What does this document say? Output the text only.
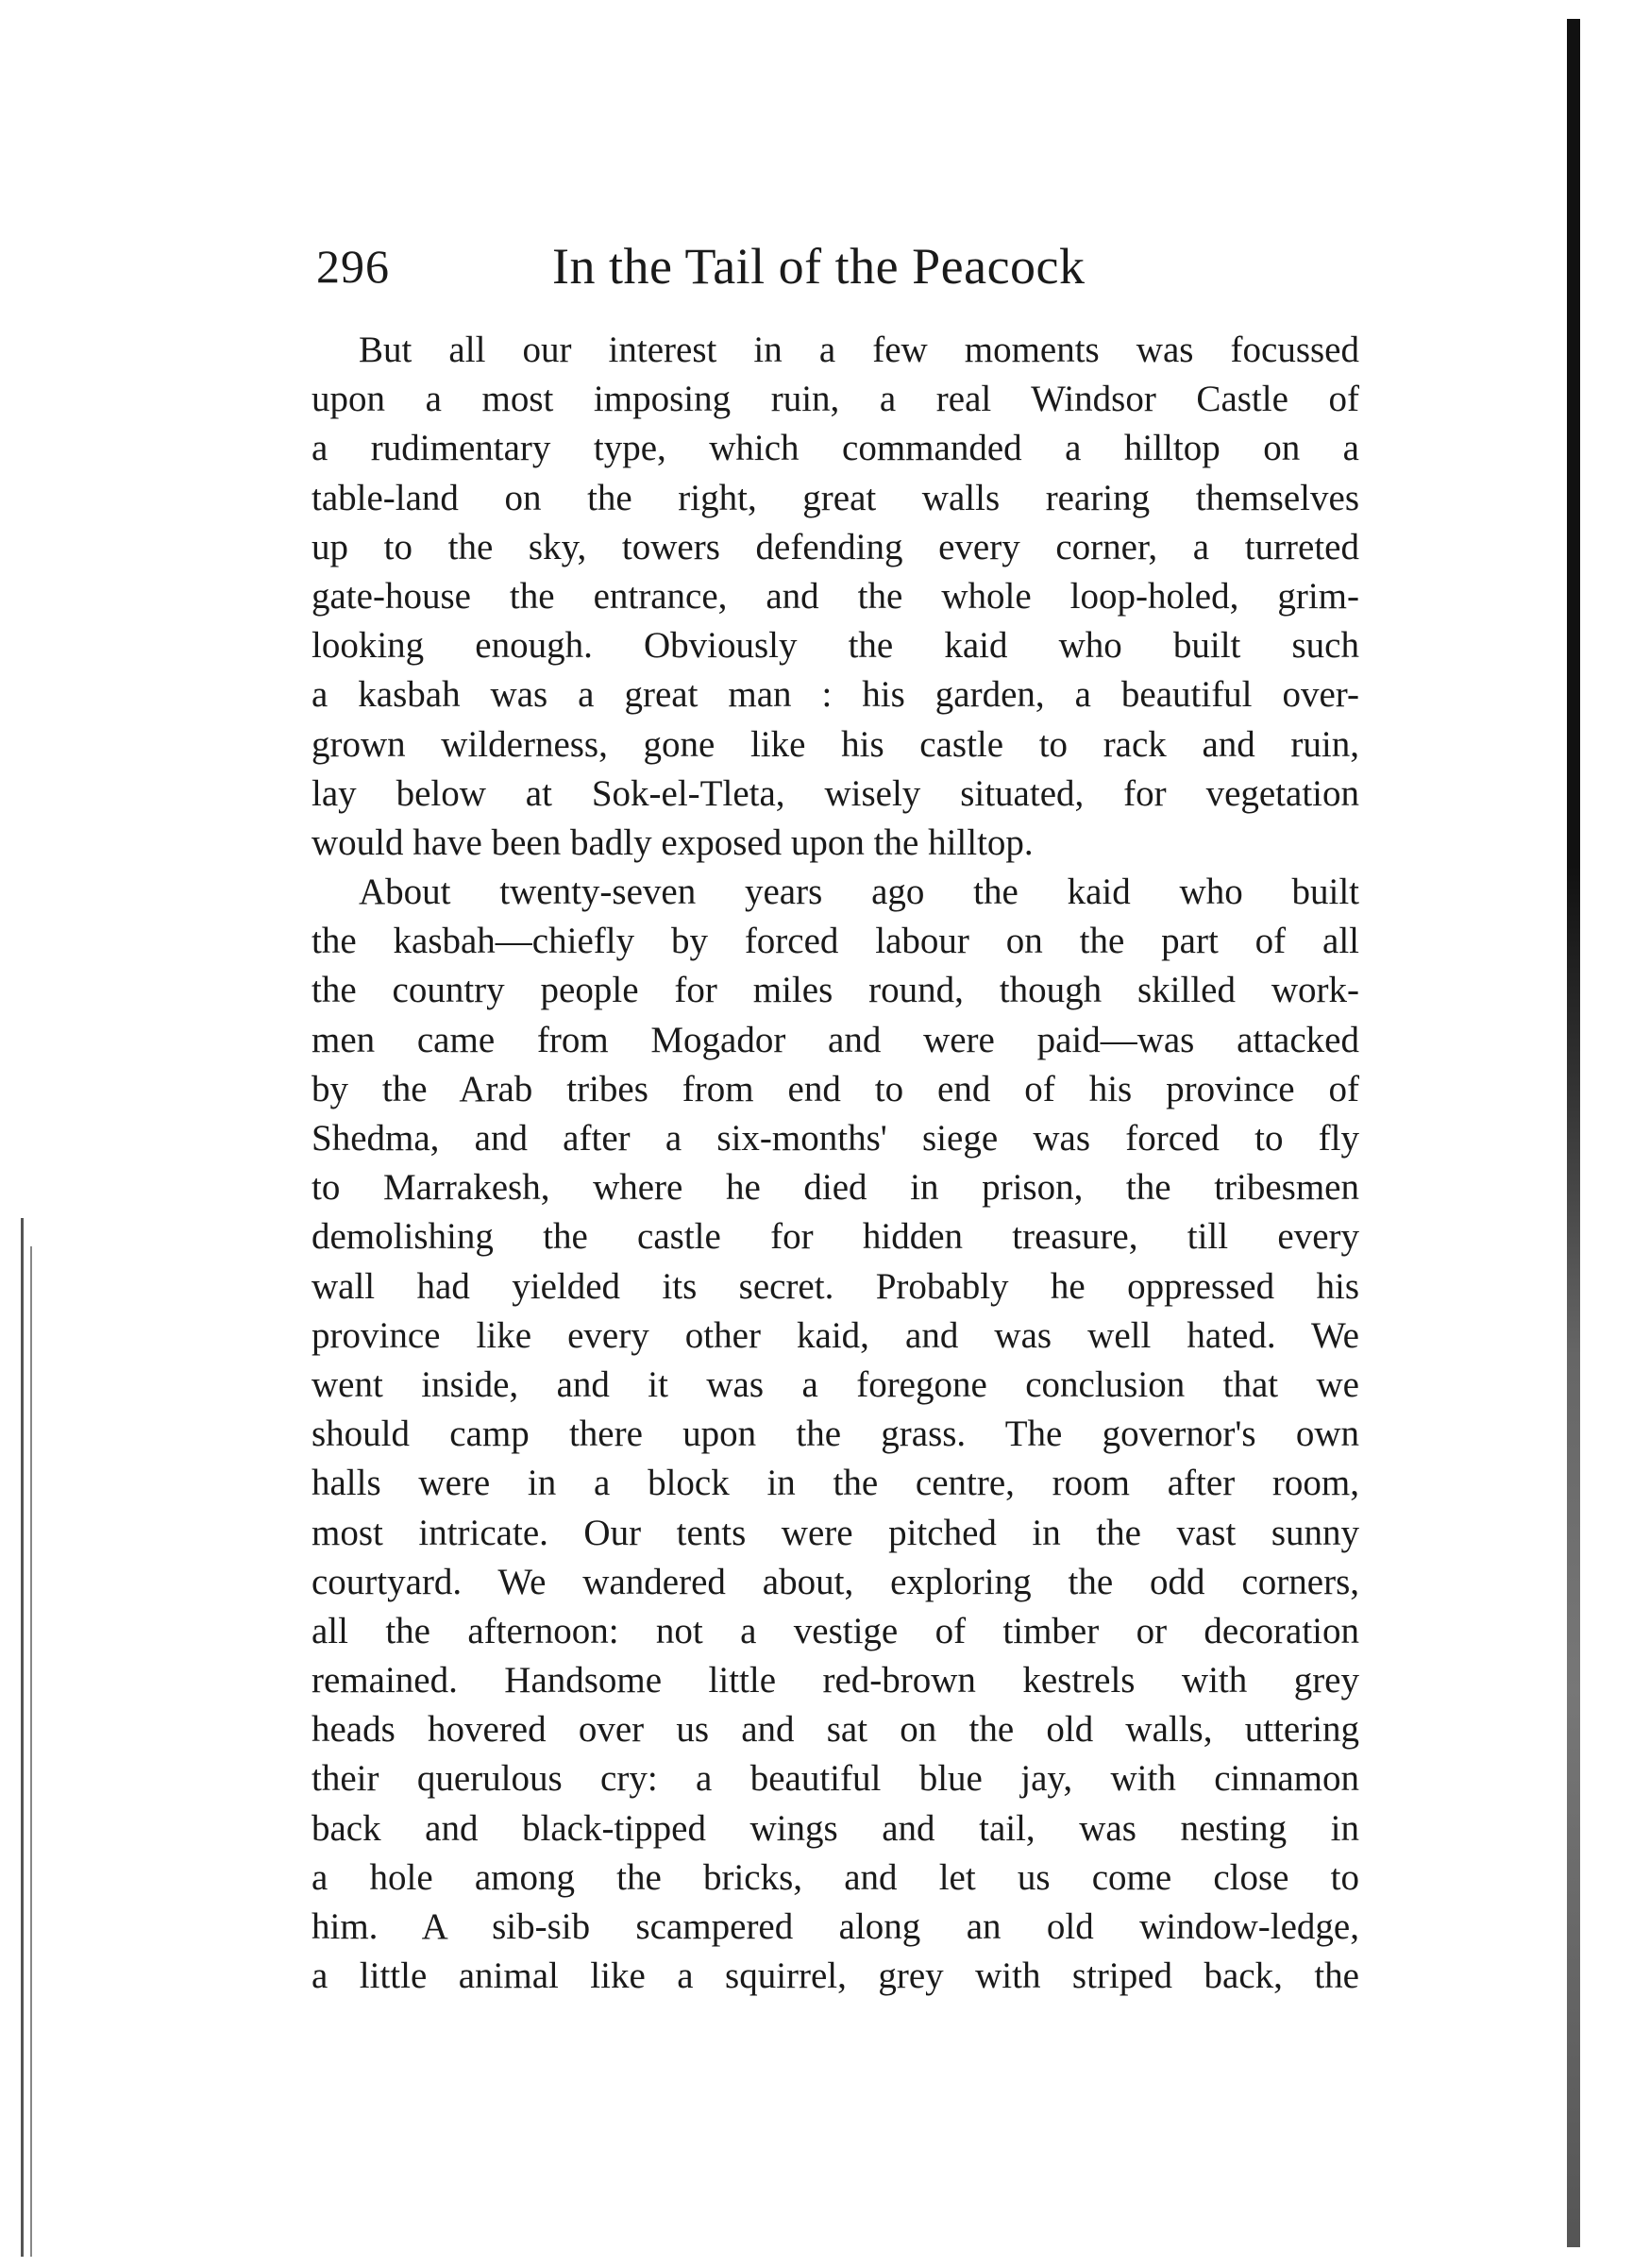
296	In the Tail of the Peacock
But all our interest in a few moments was focussed
upon a most imposing ruin, a real Windsor Castle of
a rudimentary type, which commanded a hilltop on a
table-land on the right, great walls rearing themselves
up to the sky, towers defending every corner, a turreted
gate-house the entrance, and the whole loop-holed, grim-
looking enough. Obviously the kaid who built such
a kasbah was a great man : his garden, a beautiful over-
grown wilderness, gone like his castle to rack and ruin,
lay below at Sok-el-Tleta, wisely situated, for vegetation
would have been badly exposed upon the hilltop.
About twenty-seven years ago the kaid who built
the kasbah—chiefly by forced labour on the part of all
the country people for miles round, though skilled work-
men came from Mogador and were paid—was attacked
by the Arab tribes from end to end of his province of
Shedma, and after a six-months' siege was forced to fly
to Marrakesh, where he died in prison, the tribesmen
demolishing the castle for hidden treasure, till every
wall had yielded its secret. Probably he oppressed his
province like every other kaid, and was well hated. We
went inside, and it was a foregone conclusion that we
should camp there upon the grass. The governor's own
halls were in a block in the centre, room after room,
most intricate. Our tents were pitched in the vast sunny
courtyard. We wandered about, exploring the odd corners,
all the afternoon: not a vestige of timber or decoration
remained. Handsome little red-brown kestrels with grey
heads hovered over us and sat on the old walls, uttering
their querulous cry: a beautiful blue jay, with cinnamon
back and black-tipped wings and tail, was nesting in
a hole among the bricks, and let us come close to
him. A sib-sib scampered along an old window-ledge,
a little animal like a squirrel, grey with striped back, the
